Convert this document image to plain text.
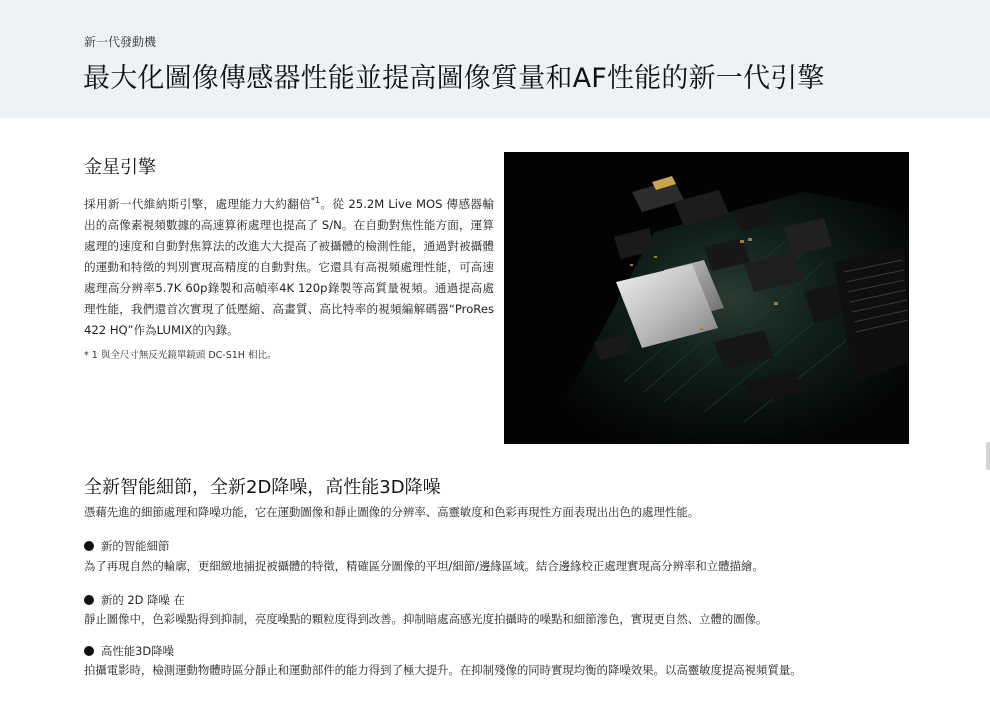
新一代發動機
最大化圖像傳感器性能並提高圖像質量和AF性能的新一代引擎
金星引擎

採用新一代維納斯引擎，處理能力大約翻倍$^{*1}$。從 25.2M Live MOS 傳感器輸出的高像素視頻數據的高速算術處理也提高了 S/N。在自動對焦性能方面，運算處理的速度和自動對焦算法的改進大大提高了被攝體的檢測性能，通過對被攝體的運動和特徵的判別實現高精度的自動對焦。它還具有高視頻處理性能，可高速處理高分辨率5.7K 60p錄製和高幀率4K 120p錄製等高質量視頻。通過提高處理性能，我們還首次實現了低壓縮、高畫質、高比特率的視頻編解碼器“ProRes 422 HQ”作為LUMIX的內錄。

* 1 與全尺寸無反光鏡單鏡頭 DC-S1H 相比。
全新智能細節，全新2D降噪，高性能3D降噪

憑藉先進的細節處理和降噪功能，它在運動圖像和靜止圖像的分辨率、高靈敏度和色彩再現性方面表現出出色的處理性能。

新的智能細節

為了再現自然的輪廓，更細緻地捕捉被攝體的特徵，精確區分圖像的平坦/細節/邊緣區域。結合邊緣校正處理實現高分辨率和立體描繪。

新的 2D 降噪 在

靜止圖像中，色彩噪點得到抑制，亮度噪點的顆粒度得到改善。抑制暗處高感光度拍攝時的噪點和細節滲色，實現更自然、立體的圖像。

高性能3D降噪

拍攝電影時，檢測運動物體時區分靜止和運動部件的能力得到了極大提升。在抑制殘像的同時實現均衡的降噪效果。以高靈敏度提高視頻質量。
